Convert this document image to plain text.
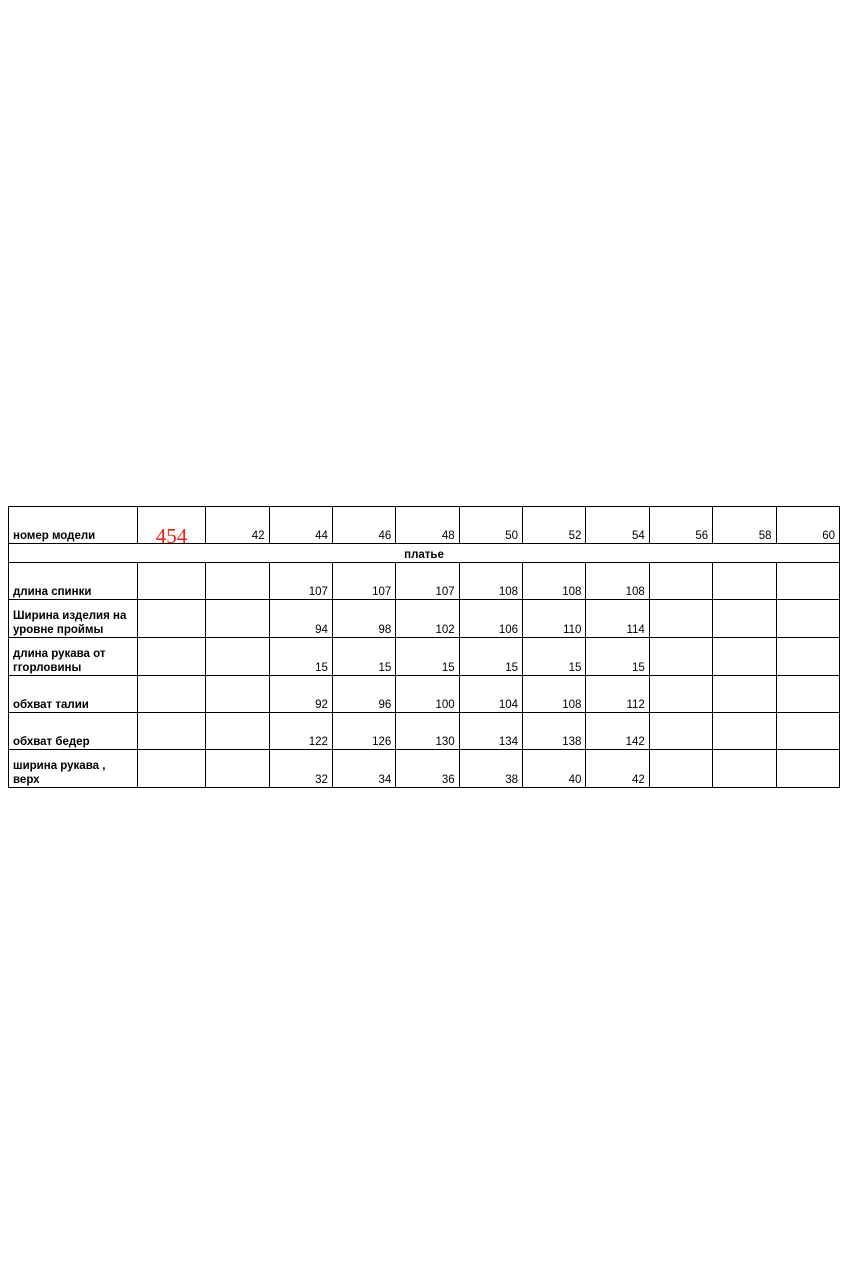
номер модели	454	42	44	46	48	50	52	54	56	58	60
платье											
длина спинки			107	107	107	108	108	108			
Ширина изделия на уровне проймы			94	98	102	106	110	114			
длина рукава от ггорловины			15	15	15	15	15	15			
обхват талии			92	96	100	104	108	112			
обхват бедер			122	126	130	134	138	142			
ширина рукава , верх			32	34	36	38	40	42			
